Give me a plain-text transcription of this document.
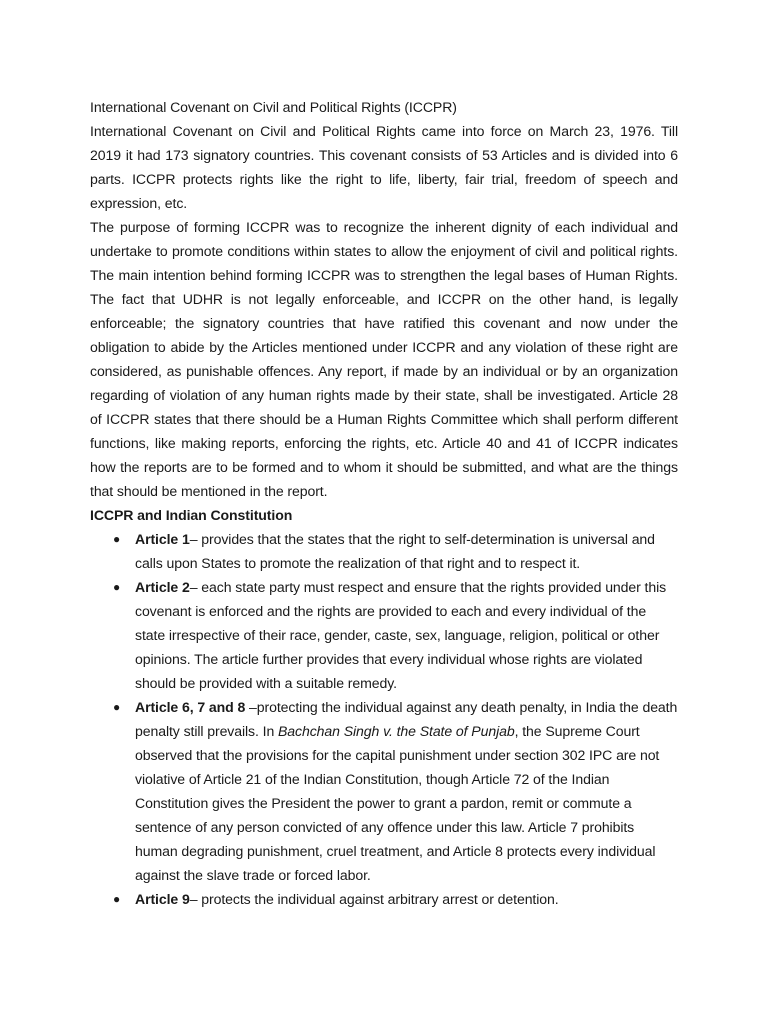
International Covenant on Civil and Political Rights (ICCPR)

International Covenant on Civil and Political Rights came into force on March 23, 1976. Till 2019 it had 173 signatory countries. This covenant consists of 53 Articles and is divided into 6 parts. ICCPR protects rights like the right to life, liberty, fair trial, freedom of speech and expression, etc.

The purpose of forming ICCPR was to recognize the inherent dignity of each individual and undertake to promote conditions within states to allow the enjoyment of civil and political rights. The main intention behind forming ICCPR was to strengthen the legal bases of Human Rights. The fact that UDHR is not legally enforceable, and ICCPR on the other hand, is legally enforceable; the signatory countries that have ratified this covenant and now under the obligation to abide by the Articles mentioned under ICCPR and any violation of these right are considered, as punishable offences. Any report, if made by an individual or by an organization regarding of violation of any human rights made by their state, shall be investigated. Article 28 of ICCPR states that there should be a Human Rights Committee which shall perform different functions, like making reports, enforcing the rights, etc. Article 40 and 41 of ICCPR indicates how the reports are to be formed and to whom it should be submitted, and what are the things that should be mentioned in the report.

ICCPR and Indian Constitution

● Article 1– provides that the states that the right to self-determination is universal and calls upon States to promote the realization of that right and to respect it.
● Article 2– each state party must respect and ensure that the rights provided under this covenant is enforced and the rights are provided to each and every individual of the state irrespective of their race, gender, caste, sex, language, religion, political or other opinions. The article further provides that every individual whose rights are violated should be provided with a suitable remedy.
● Article 6, 7 and 8 –protecting the individual against any death penalty, in India the death penalty still prevails. In Bachchan Singh v. the State of Punjab, the Supreme Court observed that the provisions for the capital punishment under section 302 IPC are not violative of Article 21 of the Indian Constitution, though Article 72 of the Indian Constitution gives the President the power to grant a pardon, remit or commute a sentence of any person convicted of any offence under this law. Article 7 prohibits human degrading punishment, cruel treatment, and Article 8 protects every individual against the slave trade or forced labor.
● Article 9– protects the individual against arbitrary arrest or detention.
